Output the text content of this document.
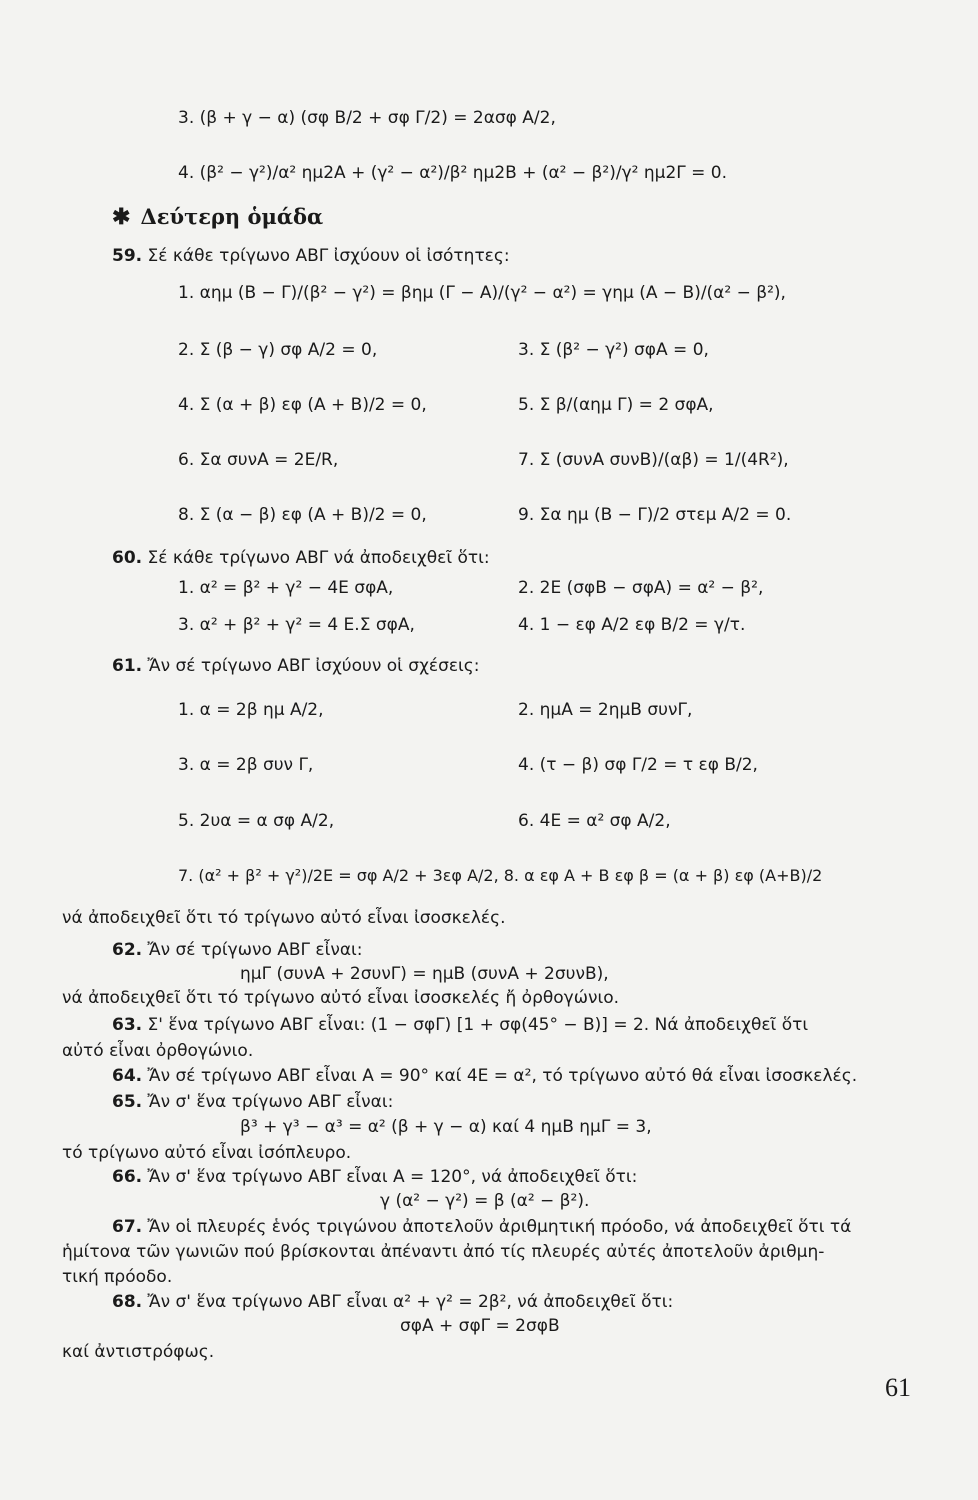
3. (β + γ − α) (σφ B/2 + σφ Γ/2) = 2ασφ A/2,
4. (β² − γ²)/α² ημ2Α + (γ² − α²)/β² ημ2Β + (α² − β²)/γ² ημ2Γ = 0.
✱ Δεύτερη ὁμάδα
59. Σέ κάθε τρίγωνο ΑΒΓ ἰσχύουν οἱ ἰσότητες:
1. αημ (Β − Γ)/(β² − γ²) = βημ (Γ − Α)/(γ² − α²) = γημ (Α − Β)/(α² − β²),
2. Σ (β − γ) σφ A/2 = 0,	3. Σ (β² − γ²) σφΑ = 0,
4. Σ (α + β) εφ (A + B)/2 = 0,	5. Σ β/(αημ Γ) = 2 σφΑ,
6. Σα συνΑ = 2E/R,	7. Σ (συνΑ συνΒ)/(αβ) = 1/(4R²),
8. Σ (α − β) εφ (A + B)/2 = 0,	9. Σα ημ (B − Γ)/2 στεμ A/2 = 0.
60. Σέ κάθε τρίγωνο ΑΒΓ νά ἀποδειχθεῖ ὅτι:
1. α² = β² + γ² − 4Ε σφΑ,	2. 2Ε (σφΒ − σφΑ) = α² − β²,
3. α² + β² + γ² = 4 Ε.Σ σφΑ,	4. 1 − εφ A/2 εφ B/2 = γ/τ.
61. Ἄν σέ τρίγωνο ΑΒΓ ἰσχύουν οἱ σχέσεις:
1. α = 2β ημ A/2,	2. ημΑ = 2ημΒ συνΓ,
3. α = 2β συν Γ,	4. (τ − β) σφ Γ/2 = τ εφ B/2,
5. 2υα = α σφ A/2,	6. 4Ε = α² σφ A/2,
7. (α² + β² + γ²)/2E = σφ A/2 + 3εφ A/2, 8. α εφ Α + Β εφ β = (α + β) εφ (A+B)/2
νά ἀποδειχθεῖ ὅτι τό τρίγωνο αὐτό εἶναι ἰσοσκελές.
62. Ἄν σέ τρίγωνο ΑΒΓ εἶναι:
ημΓ (συνΑ + 2συνΓ) = ημΒ (συνΑ + 2συνΒ),
νά ἀποδειχθεῖ ὅτι τό τρίγωνο αὐτό εἶναι ἰσοσκελές ἤ ὀρθογώνιο.
63. Σ' ἕνα τρίγωνο ΑΒΓ εἶναι: (1 − σφΓ) [1 + σφ(45° − Β)] = 2. Νά ἀποδειχθεῖ ὅτι
αὐτό εἶναι ὀρθογώνιο.
64. Ἄν σέ τρίγωνο ΑΒΓ εἶναι Α = 90° καί 4Ε = α², τό τρίγωνο αὐτό θά εἶναι ἰσοσκελές.
65. Ἄν σ' ἕνα τρίγωνο ΑΒΓ εἶναι:
β³ + γ³ − α³ = α² (β + γ − α) καί 4 ημΒ ημΓ = 3,
τό τρίγωνο αὐτό εἶναι ἰσόπλευρο.
66. Ἄν σ' ἕνα τρίγωνο ΑΒΓ εἶναι Α = 120°, νά ἀποδειχθεῖ ὅτι:
γ (α² − γ²) = β (α² − β²).
67. Ἄν οἱ πλευρές ἑνός τριγώνου ἀποτελοῦν ἀριθμητική πρόοδο, νά ἀποδειχθεῖ ὅτι τά
ἡμίτονα τῶν γωνιῶν πού βρίσκονται ἀπέναντι ἀπό τίς πλευρές αὐτές ἀποτελοῦν ἀριθμη-
τική πρόοδο.
68. Ἄν σ' ἕνα τρίγωνο ΑΒΓ εἶναι α² + γ² = 2β², νά ἀποδειχθεῖ ὅτι:
σφΑ + σφΓ = 2σφΒ
καί ἀντιστρόφως.
61
